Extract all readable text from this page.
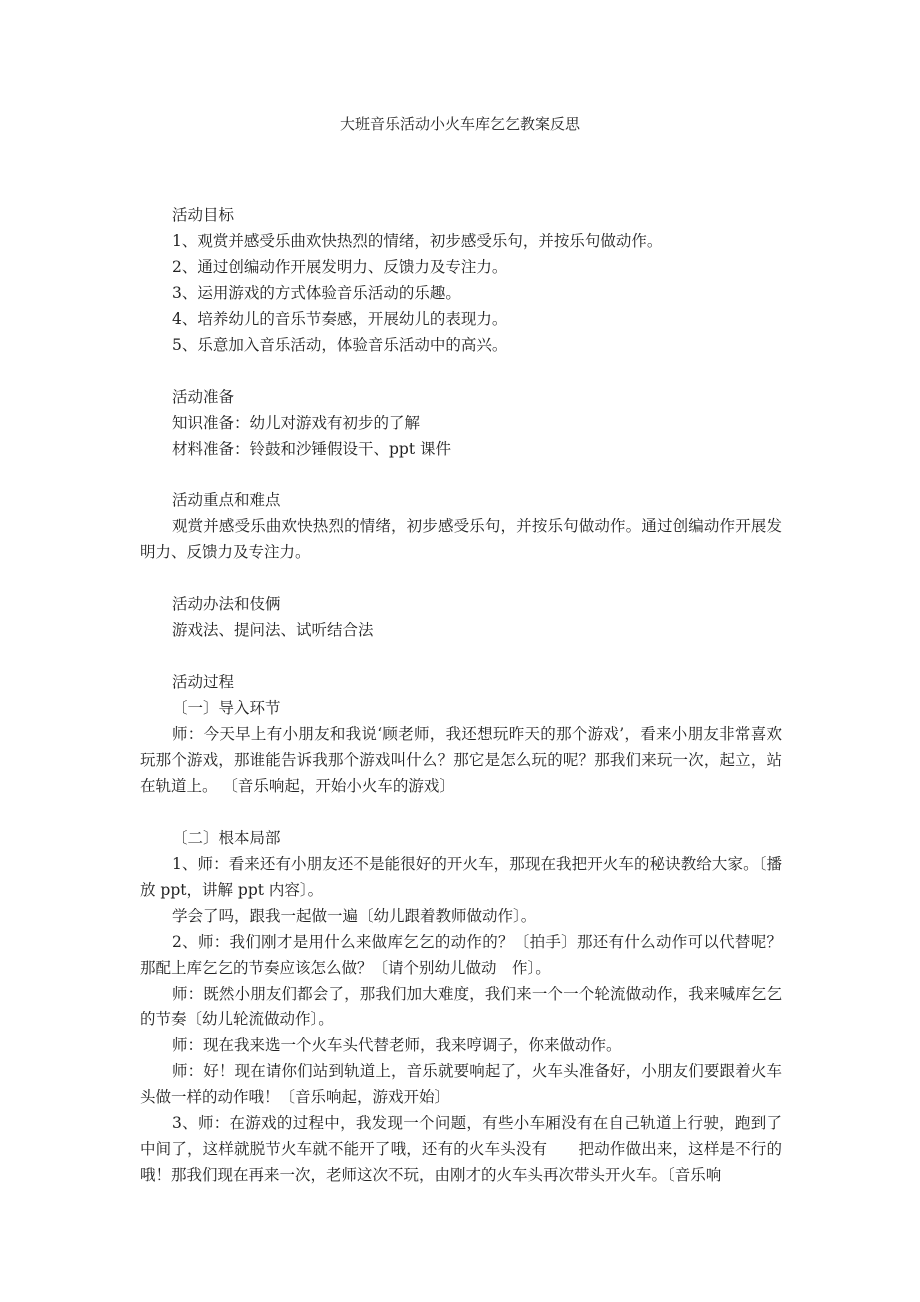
大班音乐活动小火车库乞乞教案反思

活动目标

1、观赏并感受乐曲欢快热烈的情绪，初步感受乐句，并按乐句做动作。

2、通过创编动作开展发明力、反馈力及专注力。

3、运用游戏的方式体验音乐活动的乐趣。

4、培养幼儿的音乐节奏感，开展幼儿的表现力。

5、乐意加入音乐活动，体验音乐活动中的高兴。

活动准备

知识准备：幼儿对游戏有初步的了解

材料准备：铃鼓和沙锤假设干、ppt 课件

活动重点和难点

观赏并感受乐曲欢快热烈的情绪，初步感受乐句，并按乐句做动作。通过创编动作开展发明力、反馈力及专注力。

活动办法和伎俩

游戏法、提问法、试听结合法

活动过程

〔一〕导入环节

师：今天早上有小朋友和我说‘顾老师，我还想玩昨天的那个游戏’，看来小朋友非常喜欢玩那个游戏，那谁能告诉我那个游戏叫什么？那它是怎么玩的呢？那我们来玩一次，起立，站在轨道上。 〔音乐响起，开始小火车的游戏〕

〔二〕根本局部

1、师：看来还有小朋友还不是能很好的开火车，那现在我把开火车的秘诀教给大家。〔播放 ppt，讲解 ppt 内容〕。

学会了吗，跟我一起做一遍〔幼儿跟着教师做动作〕。

2、师：我们刚才是用什么来做库乞乞的动作的？〔拍手〕那还有什么动作可以代替呢？那配上库乞乞的节奏应该怎么做？〔请个别幼儿做动　作〕。

师：既然小朋友们都会了，那我们加大难度，我们来一个一个轮流做动作，我来喊库乞乞的节奏〔幼儿轮流做动作〕。

师：现在我来选一个火车头代替老师，我来哼调子，你来做动作。

师：好！现在请你们站到轨道上，音乐就要响起了，火车头准备好，小朋友们要跟着火车头做一样的动作哦！〔音乐响起，游戏开始〕

3、师：在游戏的过程中，我发现一个问题，有些小车厢没有在自己轨道上行驶，跑到了中间了，这样就脱节火车就不能开了哦，还有的火车头没有　　把动作做出来，这样是不行的哦！那我们现在再来一次，老师这次不玩，由刚才的火车头再次带头开火车。〔音乐响
